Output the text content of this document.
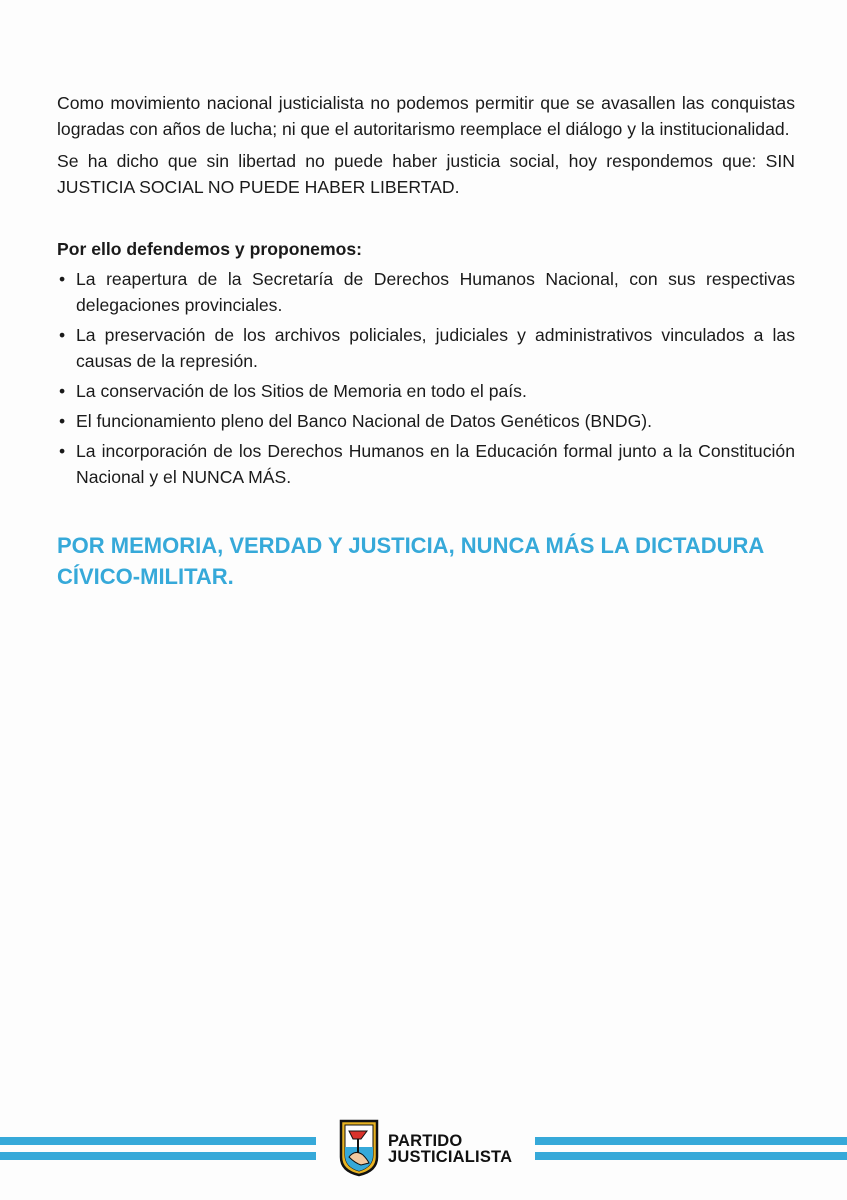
Como movimiento nacional justicialista no podemos permitir que se avasallen las conquistas logradas con años de lucha; ni que el autoritarismo reemplace el diálogo y la institucionalidad.

Se ha dicho que sin libertad no puede haber justicia social, hoy respondemos que: SIN JUSTICIA SOCIAL NO PUEDE HABER LIBERTAD.

Por ello defendemos y proponemos:

• La reapertura de la Secretaría de Derechos Humanos Nacional, con sus respectivas delegaciones provinciales.
• La preservación de los archivos policiales, judiciales y administrativos vinculados a las causas de la represión.
• La conservación de los Sitios de Memoria en todo el país.
• El funcionamiento pleno del Banco Nacional de Datos Genéticos (BNDG).
• La incorporación de los Derechos Humanos en la Educación formal junto a la Constitución Nacional y el NUNCA MÁS.

POR MEMORIA, VERDAD Y JUSTICIA, NUNCA MÁS LA DICTADURA CÍVICO-MILITAR.

PARTIDO
JUSTICIALISTA
